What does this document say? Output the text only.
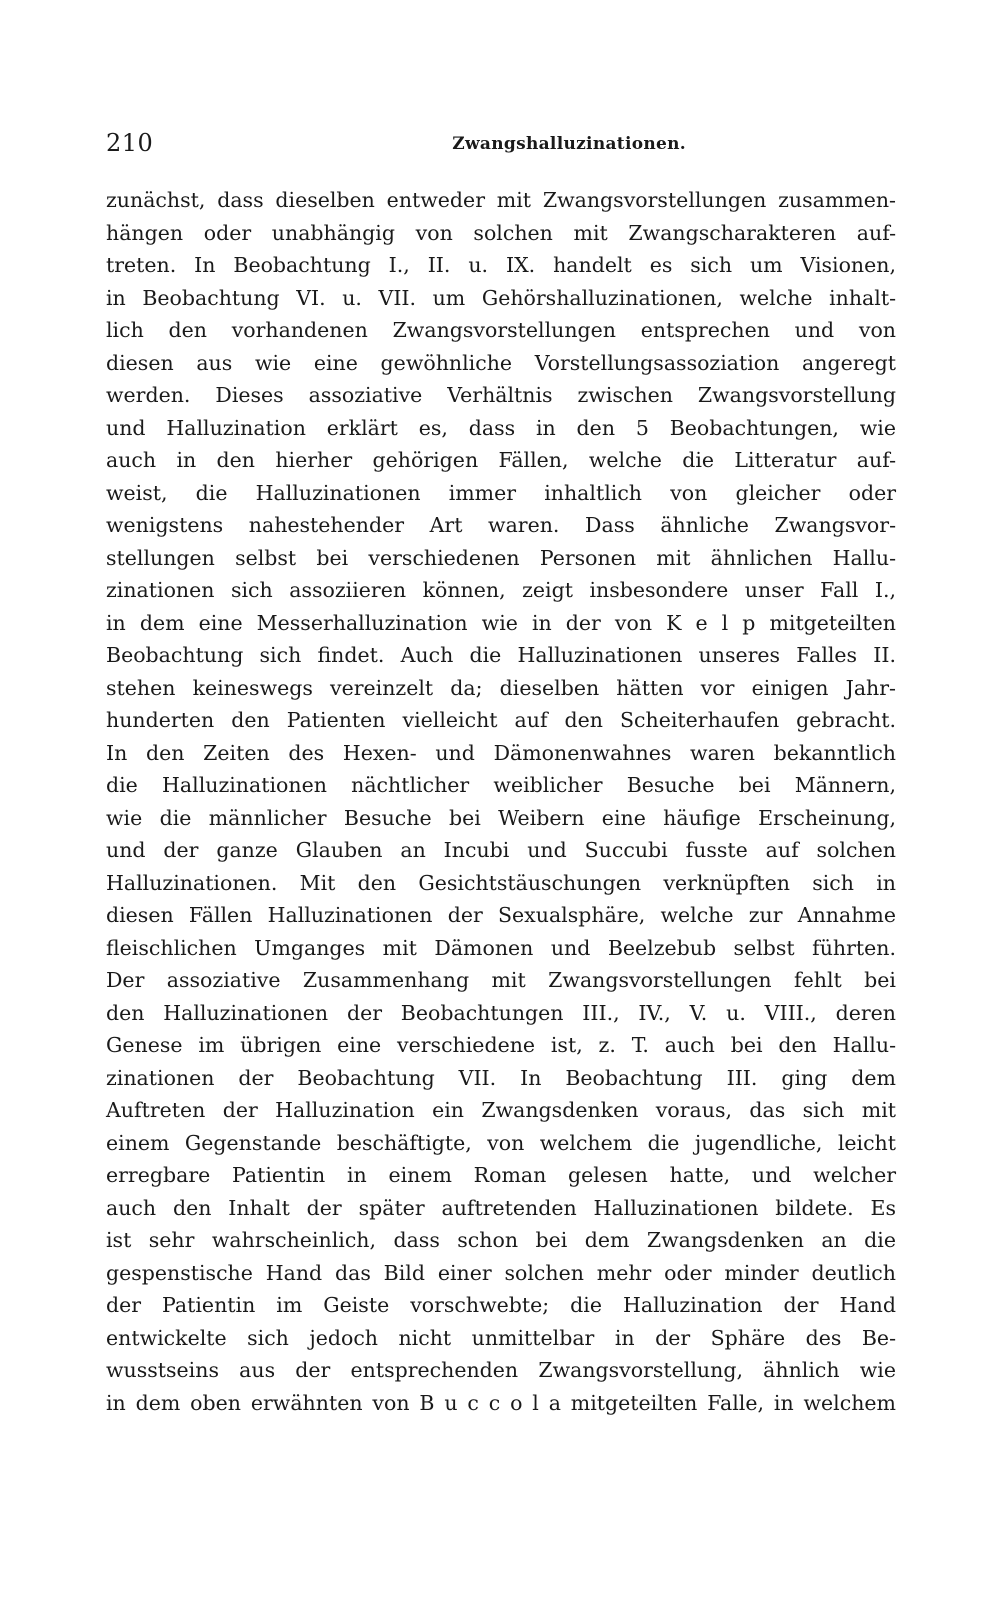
210	Zwangshalluzinationen.
zunächst, dass dieselben entweder mit Zwangsvorstellungen zusammen-
hängen oder unabhängig von solchen mit Zwangscharakteren auf-
treten. In Beobachtung I., II. u. IX. handelt es sich um Visionen,
in Beobachtung VI. u. VII. um Gehörshalluzinationen, welche inhalt-
lich den vorhandenen Zwangsvorstellungen entsprechen und von
diesen aus wie eine gewöhnliche Vorstellungsassoziation angeregt
werden. Dieses assoziative Verhältnis zwischen Zwangsvorstellung
und Halluzination erklärt es, dass in den 5 Beobachtungen, wie
auch in den hierher gehörigen Fällen, welche die Litteratur auf-
weist, die Halluzinationen immer inhaltlich von gleicher oder
wenigstens nahestehender Art waren. Dass ähnliche Zwangsvor-
stellungen selbst bei verschiedenen Personen mit ähnlichen Hallu-
zinationen sich assoziieren können, zeigt insbesondere unser Fall I.,
in dem eine Messerhalluzination wie in der von K e l p mitgeteilten
Beobachtung sich findet. Auch die Halluzinationen unseres Falles II.
stehen keineswegs vereinzelt da; dieselben hätten vor einigen Jahr-
hunderten den Patienten vielleicht auf den Scheiterhaufen gebracht.
In den Zeiten des Hexen- und Dämonenwahnes waren bekanntlich
die Halluzinationen nächtlicher weiblicher Besuche bei Männern,
wie die männlicher Besuche bei Weibern eine häufige Erscheinung,
und der ganze Glauben an Incubi und Succubi fusste auf solchen
Halluzinationen. Mit den Gesichtstäuschungen verknüpften sich in
diesen Fällen Halluzinationen der Sexualsphäre, welche zur Annahme
fleischlichen Umganges mit Dämonen und Beelzebub selbst führten.
Der assoziative Zusammenhang mit Zwangsvorstellungen fehlt bei
den Halluzinationen der Beobachtungen III., IV., V. u. VIII., deren
Genese im übrigen eine verschiedene ist, z. T. auch bei den Hallu-
zinationen der Beobachtung VII. In Beobachtung III. ging dem
Auftreten der Halluzination ein Zwangsdenken voraus, das sich mit
einem Gegenstande beschäftigte, von welchem die jugendliche, leicht
erregbare Patientin in einem Roman gelesen hatte, und welcher
auch den Inhalt der später auftretenden Halluzinationen bildete. Es
ist sehr wahrscheinlich, dass schon bei dem Zwangsdenken an die
gespenstische Hand das Bild einer solchen mehr oder minder deutlich
der Patientin im Geiste vorschwebte; die Halluzination der Hand
entwickelte sich jedoch nicht unmittelbar in der Sphäre des Be-
wusstseins aus der entsprechenden Zwangsvorstellung, ähnlich wie
in dem oben erwähnten von B u c c o l a mitgeteilten Falle, in welchem
